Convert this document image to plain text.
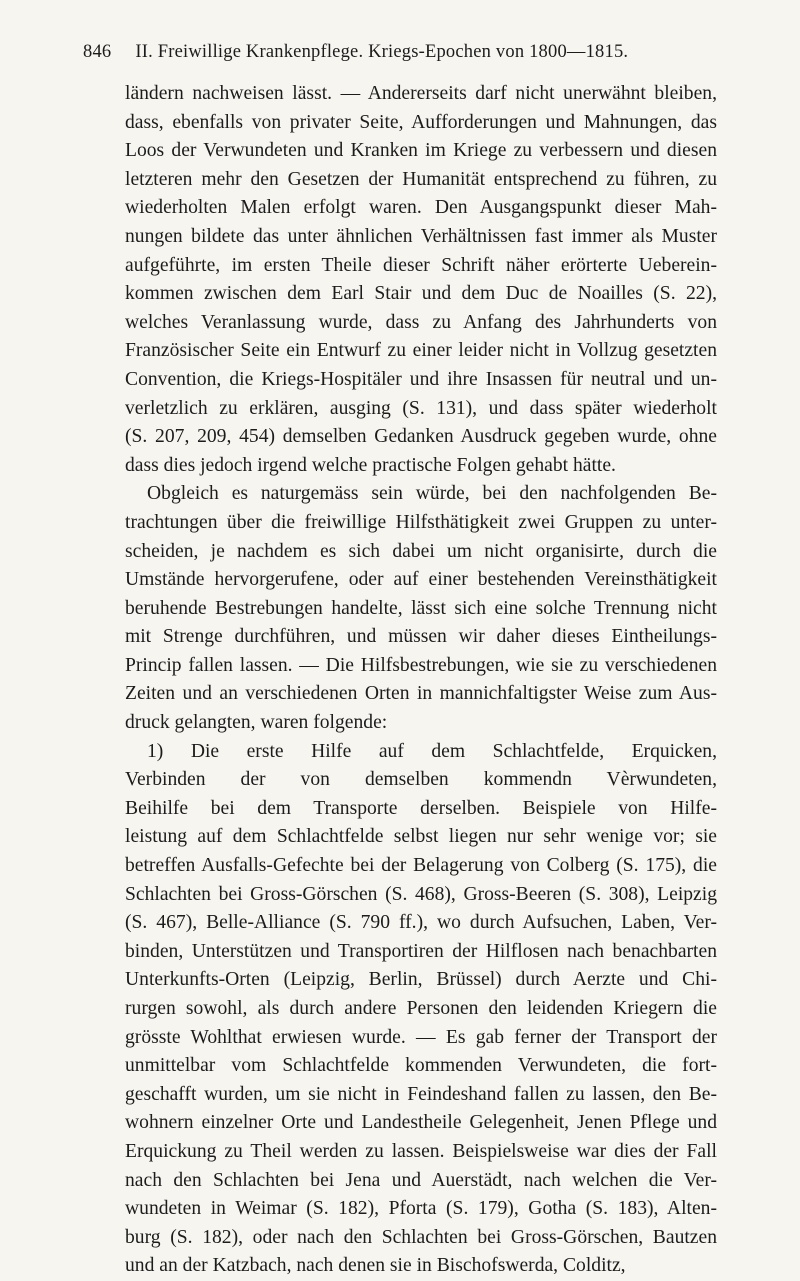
846 II. Freiwillige Krankenpflege. Kriegs-Epochen von 1800—1815.
ländern nachweisen lässt. — Andererseits darf nicht unerwähnt bleiben,
dass, ebenfalls von privater Seite, Aufforderungen und Mahnungen, das
Loos der Verwundeten und Kranken im Kriege zu verbessern und diesen
letzteren mehr den Gesetzen der Humanität entsprechend zu führen, zu
wiederholten Malen erfolgt waren. Den Ausgangspunkt dieser Mah-
nungen bildete das unter ähnlichen Verhältnissen fast immer als Muster
aufgeführte, im ersten Theile dieser Schrift näher erörterte Ueberein-
kommen zwischen dem Earl Stair und dem Duc de Noailles (S. 22),
welches Veranlassung wurde, dass zu Anfang des Jahrhunderts von
Französischer Seite ein Entwurf zu einer leider nicht in Vollzug gesetzten
Convention, die Kriegs-Hospitäler und ihre Insassen für neutral und un-
verletzlich zu erklären, ausging (S. 131), und dass später wiederholt
(S. 207, 209, 454) demselben Gedanken Ausdruck gegeben wurde, ohne
dass dies jedoch irgend welche practische Folgen gehabt hätte.
Obgleich es naturgemäss sein würde, bei den nachfolgenden Be-
trachtungen über die freiwillige Hilfsthätigkeit zwei Gruppen zu unter-
scheiden, je nachdem es sich dabei um nicht organisirte, durch die
Umstände hervorgerufene, oder auf einer bestehenden Vereinsthätigkeit
beruhende Bestrebungen handelte, lässt sich eine solche Trennung nicht
mit Strenge durchführen, und müssen wir daher dieses Eintheilungs-
Princip fallen lassen. — Die Hilfsbestrebungen, wie sie zu verschiedenen
Zeiten und an verschiedenen Orten in mannichfaltigster Weise zum Aus-
druck gelangten, waren folgende:
1) Die erste Hilfe auf dem Schlachtfelde, Erquicken,
Verbinden der von demselben kommendn Vèrwundeten,
Beihilfe bei dem Transporte derselben. Beispiele von Hilfe-
leistung auf dem Schlachtfelde selbst liegen nur sehr wenige vor; sie
betreffen Ausfalls-Gefechte bei der Belagerung von Colberg (S. 175), die
Schlachten bei Gross-Görschen (S. 468), Gross-Beeren (S. 308), Leipzig
(S. 467), Belle-Alliance (S. 790 ff.), wo durch Aufsuchen, Laben, Ver-
binden, Unterstützen und Transportiren der Hilflosen nach benachbarten
Unterkunfts-Orten (Leipzig, Berlin, Brüssel) durch Aerzte und Chi-
rurgen sowohl, als durch andere Personen den leidenden Kriegern die
grösste Wohlthat erwiesen wurde. — Es gab ferner der Transport der
unmittelbar vom Schlachtfelde kommenden Verwundeten, die fort-
geschafft wurden, um sie nicht in Feindeshand fallen zu lassen, den Be-
wohnern einzelner Orte und Landestheile Gelegenheit, Jenen Pflege und
Erquickung zu Theil werden zu lassen. Beispielsweise war dies der Fall
nach den Schlachten bei Jena und Auerstädt, nach welchen die Ver-
wundeten in Weimar (S. 182), Pforta (S. 179), Gotha (S. 183), Alten-
burg (S. 182), oder nach den Schlachten bei Gross-Görschen, Bautzen
und an der Katzbach, nach denen sie in Bischofswerda, Colditz,
